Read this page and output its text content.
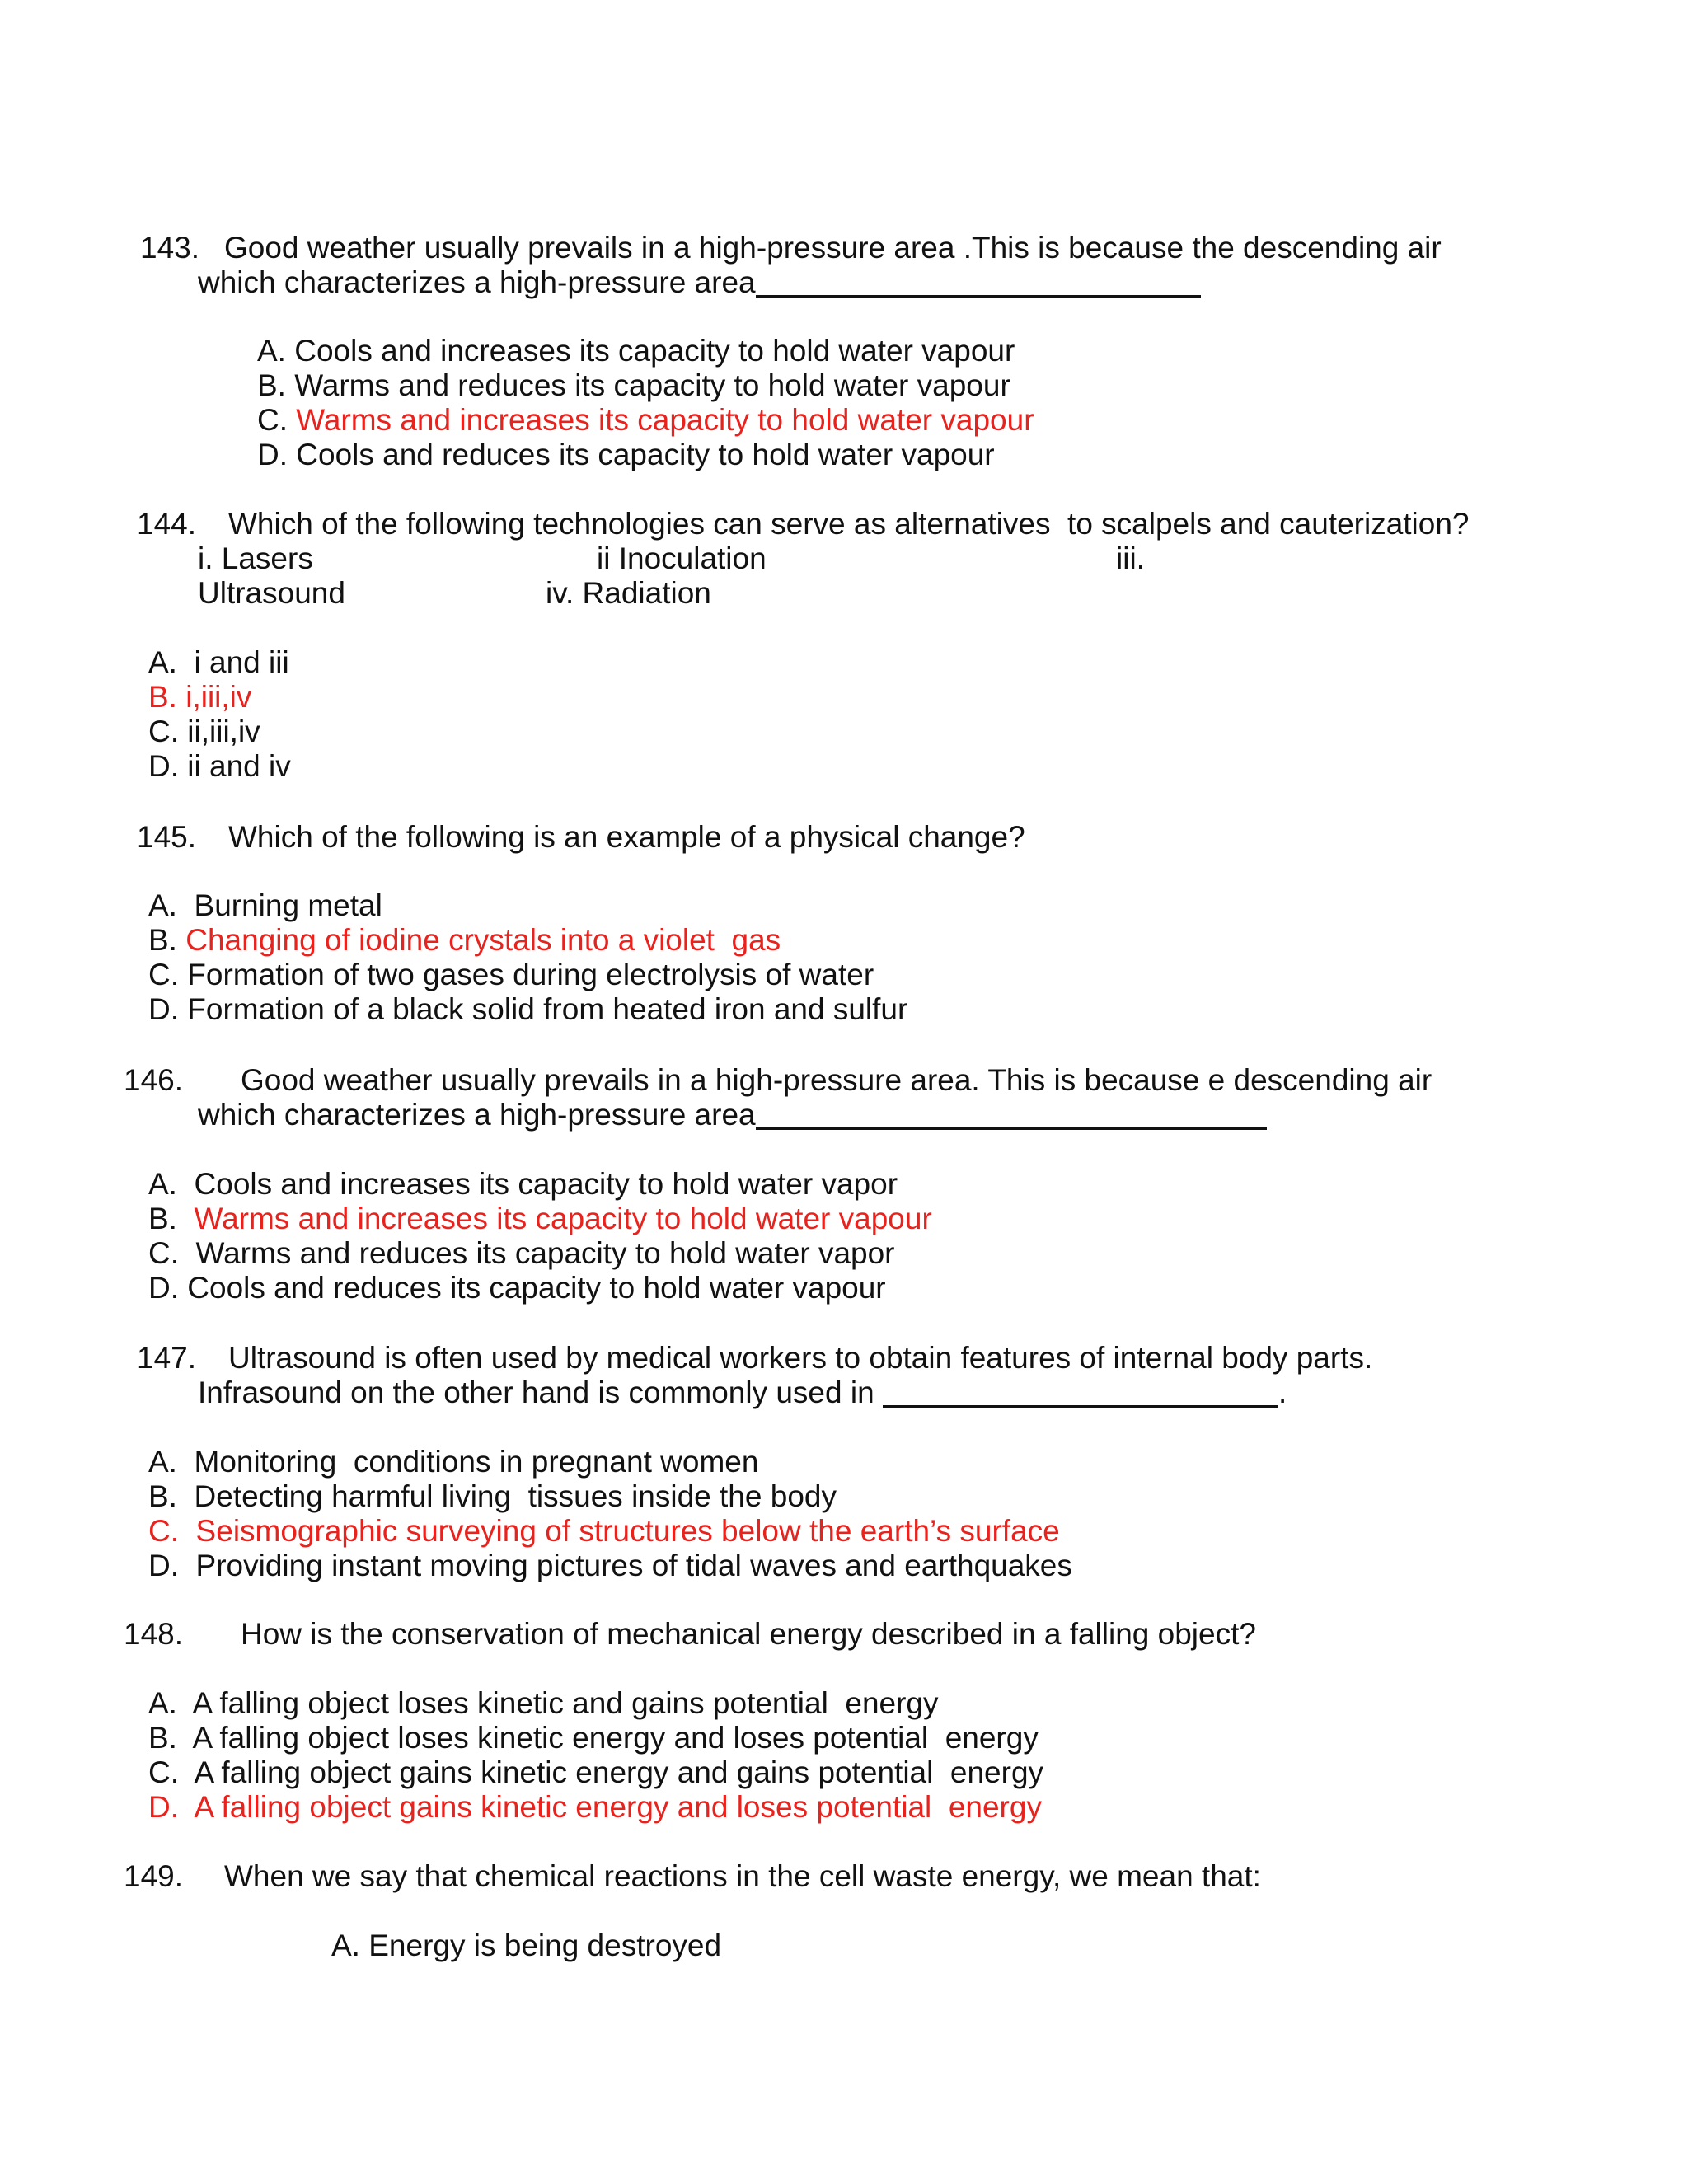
143. Good weather usually prevails in a high-pressure area .This is because the descending air
which characterizes a high-pressure area
A. Cools and increases its capacity to hold water vapour
B. Warms and reduces its capacity to hold water vapour
C. Warms and increases its capacity to hold water vapour
D. Cools and reduces its capacity to hold water vapour
144. Which of the following technologies can serve as alternatives  to scalpels and cauterization?
i. Lasers	ii Inoculation	iii.
Ultrasound	iv. Radiation
A.  i and iii
B. i,iii,iv
C. ii,iii,iv
D. ii and iv
145. Which of the following is an example of a physical change?
A.  Burning metal
B. Changing of iodine crystals into a violet  gas
C. Formation of two gases during electrolysis of water
D. Formation of a black solid from heated iron and sulfur
146. Good weather usually prevails in a high-pressure area. This is because e descending air
which characterizes a high-pressure area
A.  Cools and increases its capacity to hold water vapor
B. Warms and increases its capacity to hold water vapour
C.  Warms and reduces its capacity to hold water vapor
D. Cools and reduces its capacity to hold water vapour
147. Ultrasound is often used by medical workers to obtain features of internal body parts.
Infrasound on the other hand is commonly used in	.
A.  Monitoring  conditions in pregnant women
B.  Detecting harmful living  tissues inside the body
C.  Seismographic surveying of structures below the earth’s surface
D.  Providing instant moving pictures of tidal waves and earthquakes
148. How is the conservation of mechanical energy described in a falling object?
A.  A falling object loses kinetic and gains potential  energy
B.  A falling object loses kinetic energy and loses potential  energy
C.  A falling object gains kinetic energy and gains potential  energy
D.  A falling object gains kinetic energy and loses potential  energy
149. When we say that chemical reactions in the cell waste energy, we mean that:
A. Energy is being destroyed
